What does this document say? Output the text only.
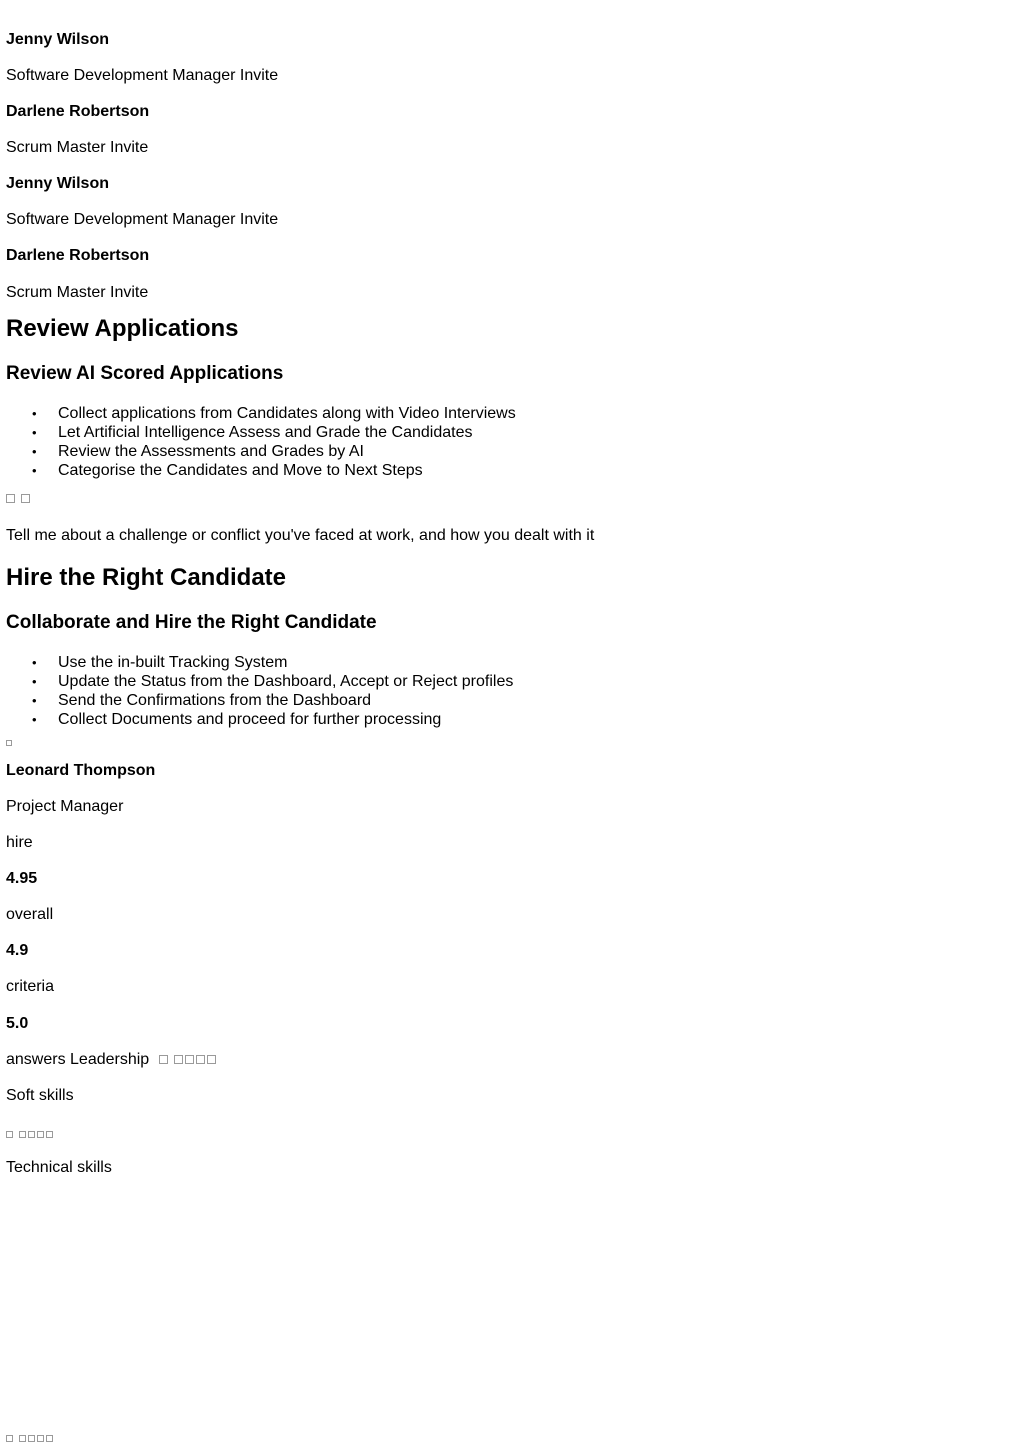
Jenny Wilson
Software Development Manager Invite
Darlene Robertson
Scrum Master Invite
Jenny Wilson
Software Development Manager Invite
Darlene Robertson
Scrum Master Invite
Review Applications
Review AI Scored Applications
• Collect applications from Candidates along with Video Interviews
• Let Artificial Intelligence Assess and Grade the Candidates
• Review the Assessments and Grades by AI
• Categorise the Candidates and Move to Next Steps
Tell me about a challenge or conflict you've faced at work, and how you dealt with it
Hire the Right Candidate
Collaborate and Hire the Right Candidate
• Use the in-built Tracking System
• Update the Status from the Dashboard, Accept or Reject profiles
• Send the Confirmations from the Dashboard
• Collect Documents and proceed for further processing
Leonard Thompson
Project Manager
hire
4.95
overall
4.9
criteria
5.0
answers Leadership
Soft skills
Technical skills
